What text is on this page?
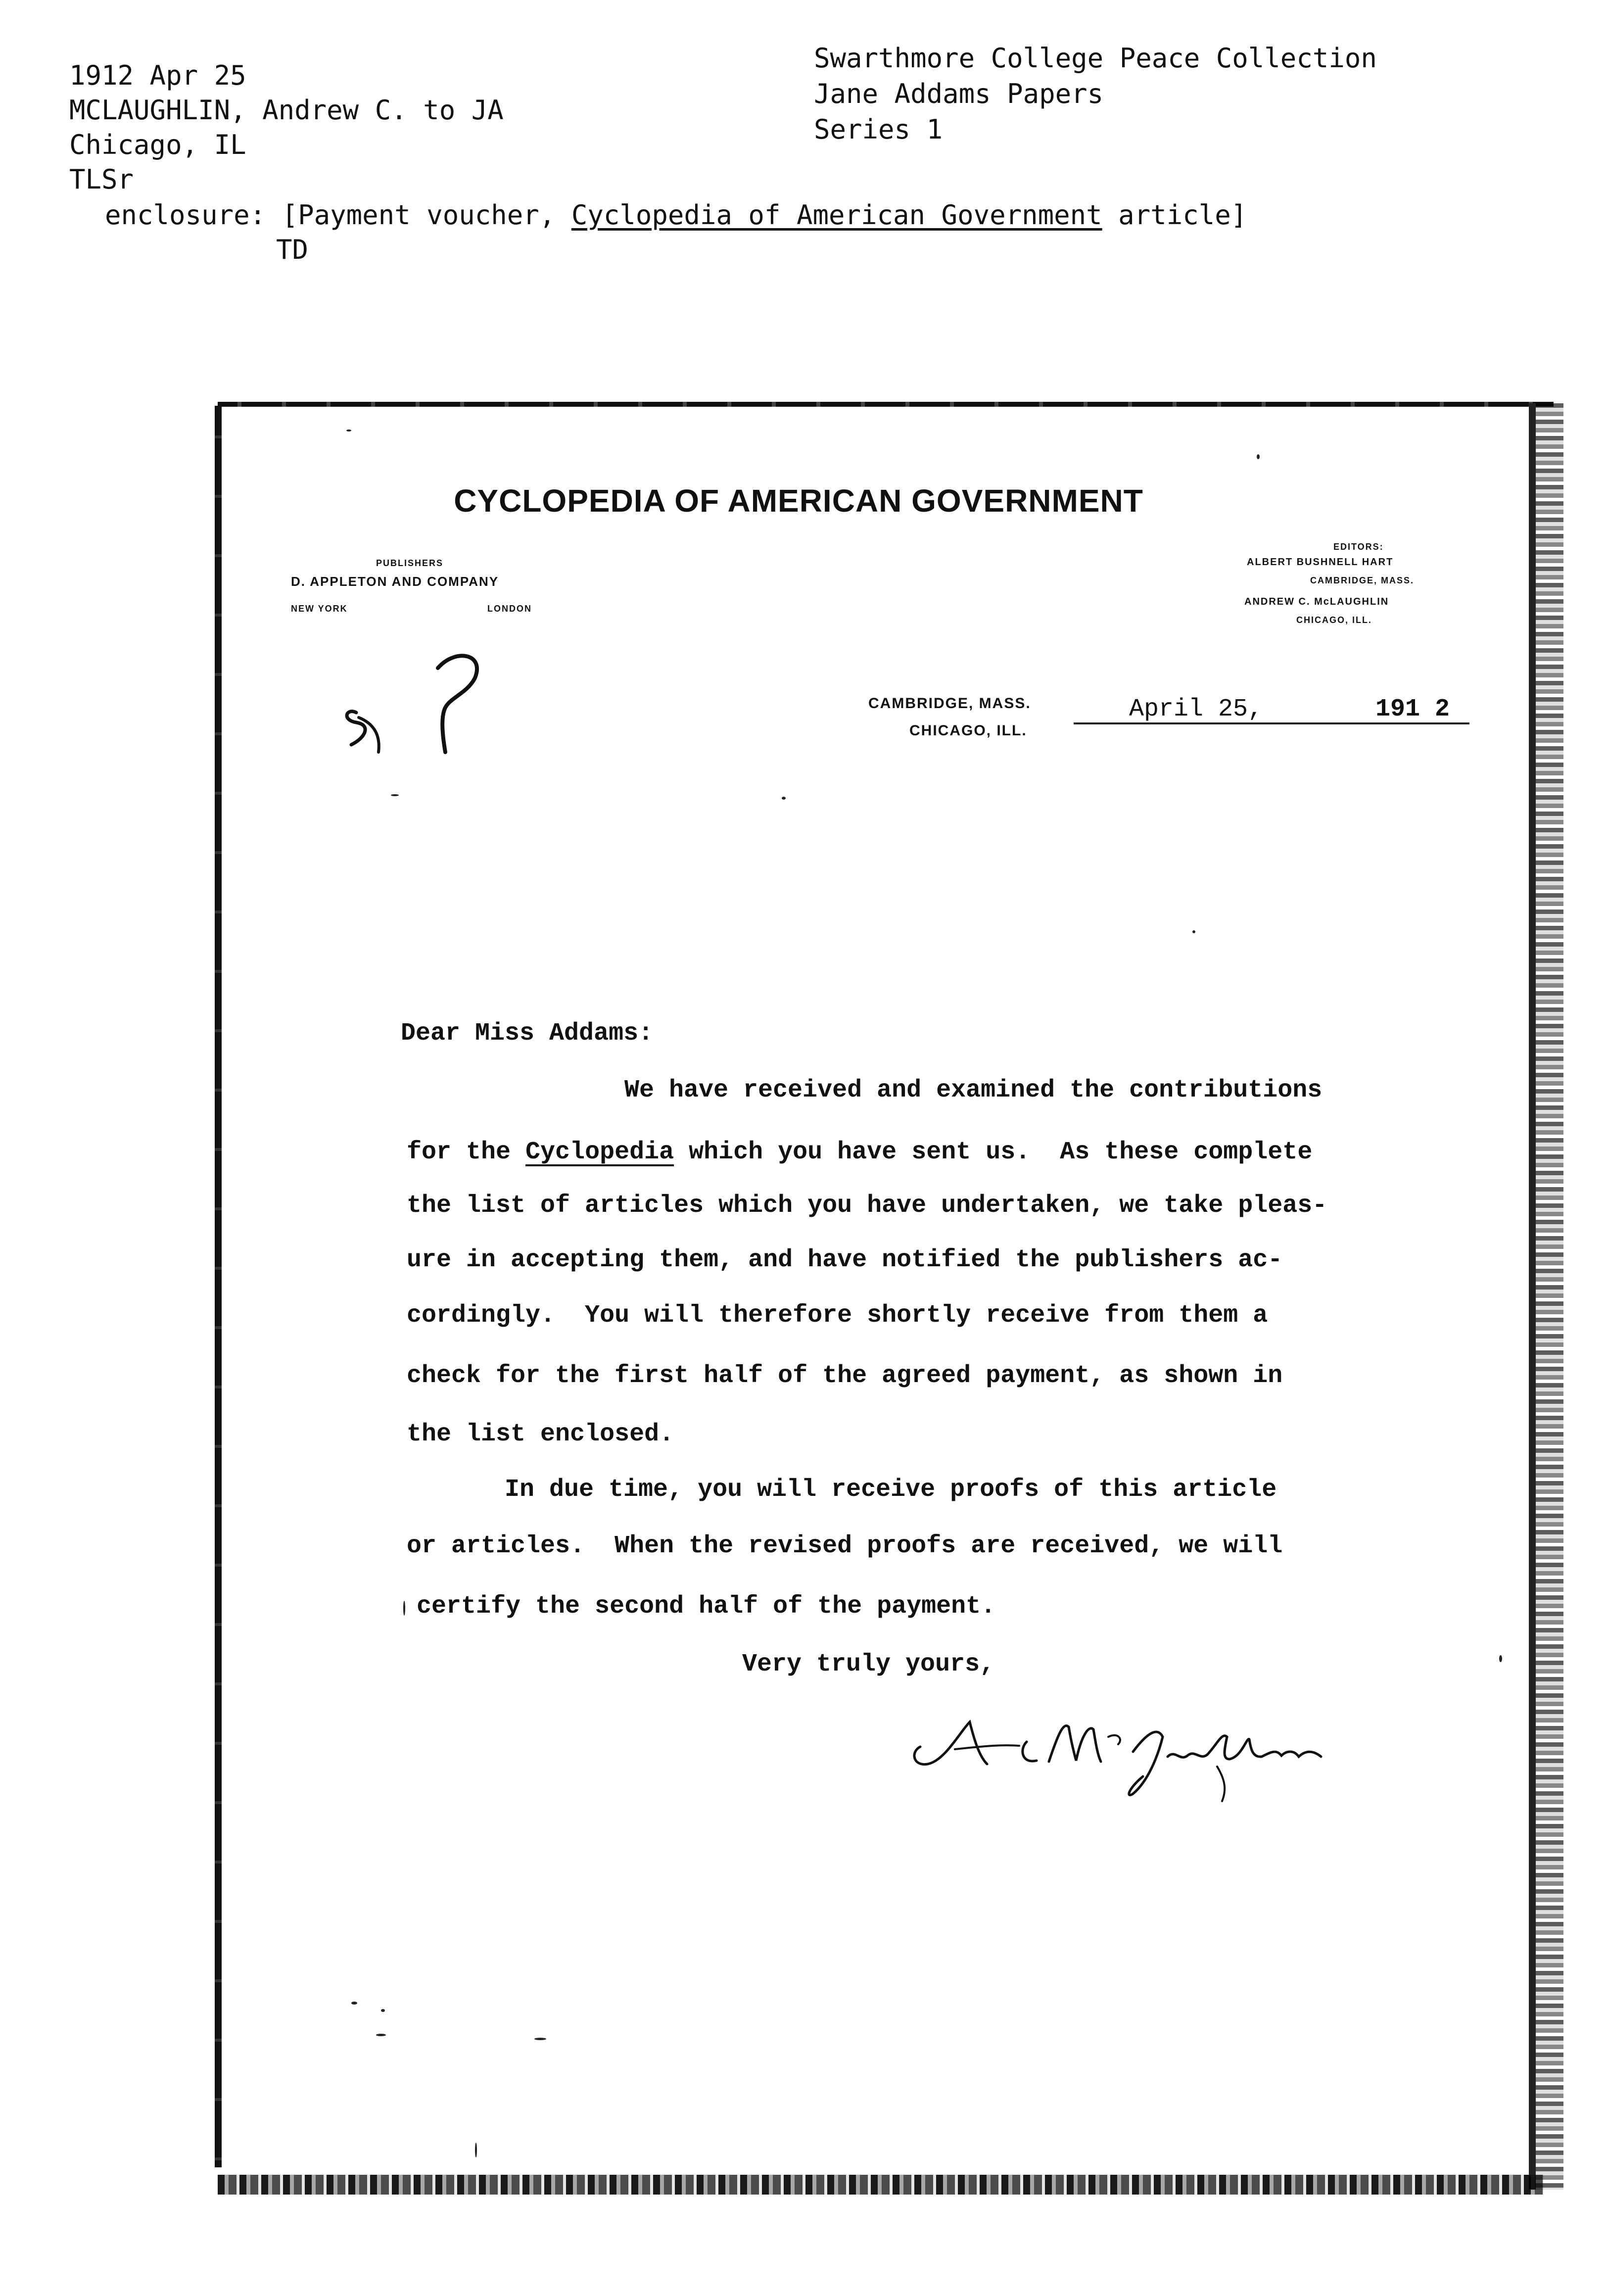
1912 Apr 25
MCLAUGHLIN, Andrew C. to JA
Chicago, IL
TLSr
Swarthmore College Peace Collection
Jane Addams Papers
Series 1
enclosure: [Payment voucher, Cyclopedia of American Government article]
TD
CYCLOPEDIA OF AMERICAN GOVERNMENT
PUBLISHERS
D. APPLETON AND COMPANY
NEW YORK	LONDON
EDITORS:
ALBERT BUSHNELL HART
CAMBRIDGE, MASS.
ANDREW C. McLAUGHLIN
CHICAGO, ILL.
CAMBRIDGE, MASS.
CHICAGO, ILL.
April 25,	191 2
Dear Miss Addams:
We have received and examined the contributions
for the Cyclopedia which you have sent us.  As these complete
the list of articles which you have undertaken, we take pleas-
ure in accepting them, and have notified the publishers ac-
cordingly.  You will therefore shortly receive from them a
check for the first half of the agreed payment, as shown in
the list enclosed.
In due time, you will receive proofs of this article
or articles.  When the revised proofs are received, we will
certify the second half of the payment.
Very truly yours,
